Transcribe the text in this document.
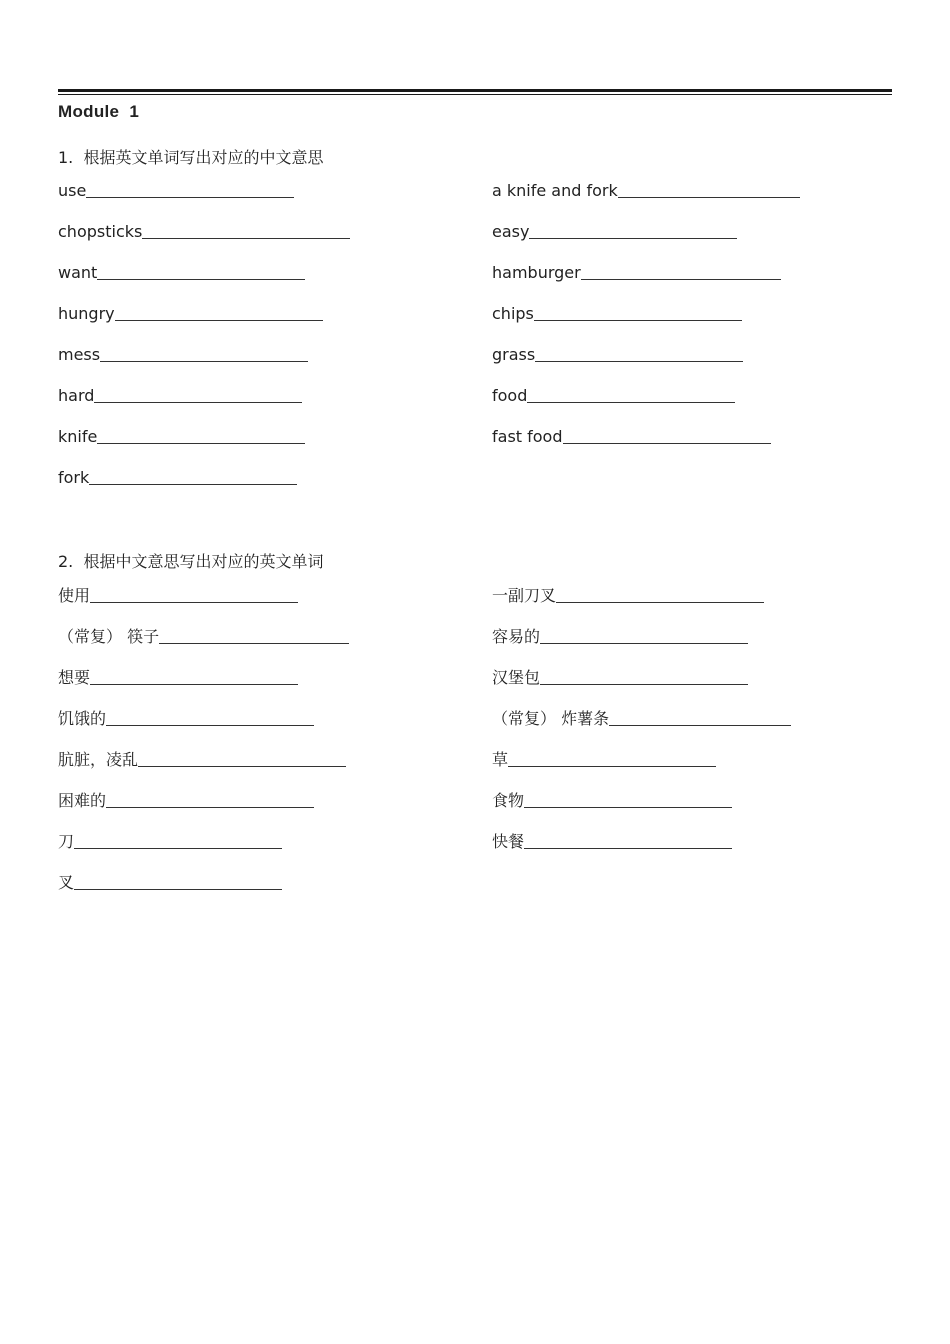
Module  1
1.  根据英文单词写出对应的中文意思
use	a knife and fork
chopsticks	easy
want	hamburger
hungry	chips
mess	grass
hard	food
knife	fast food
fork
2.  根据中文意思写出对应的英文单词
使用	一副刀叉
（常复） 筷子	容易的
想要	汉堡包
饥饿的	（常复） 炸薯条
肮脏，凌乱	草
困难的	食物
刀	快餐
叉
